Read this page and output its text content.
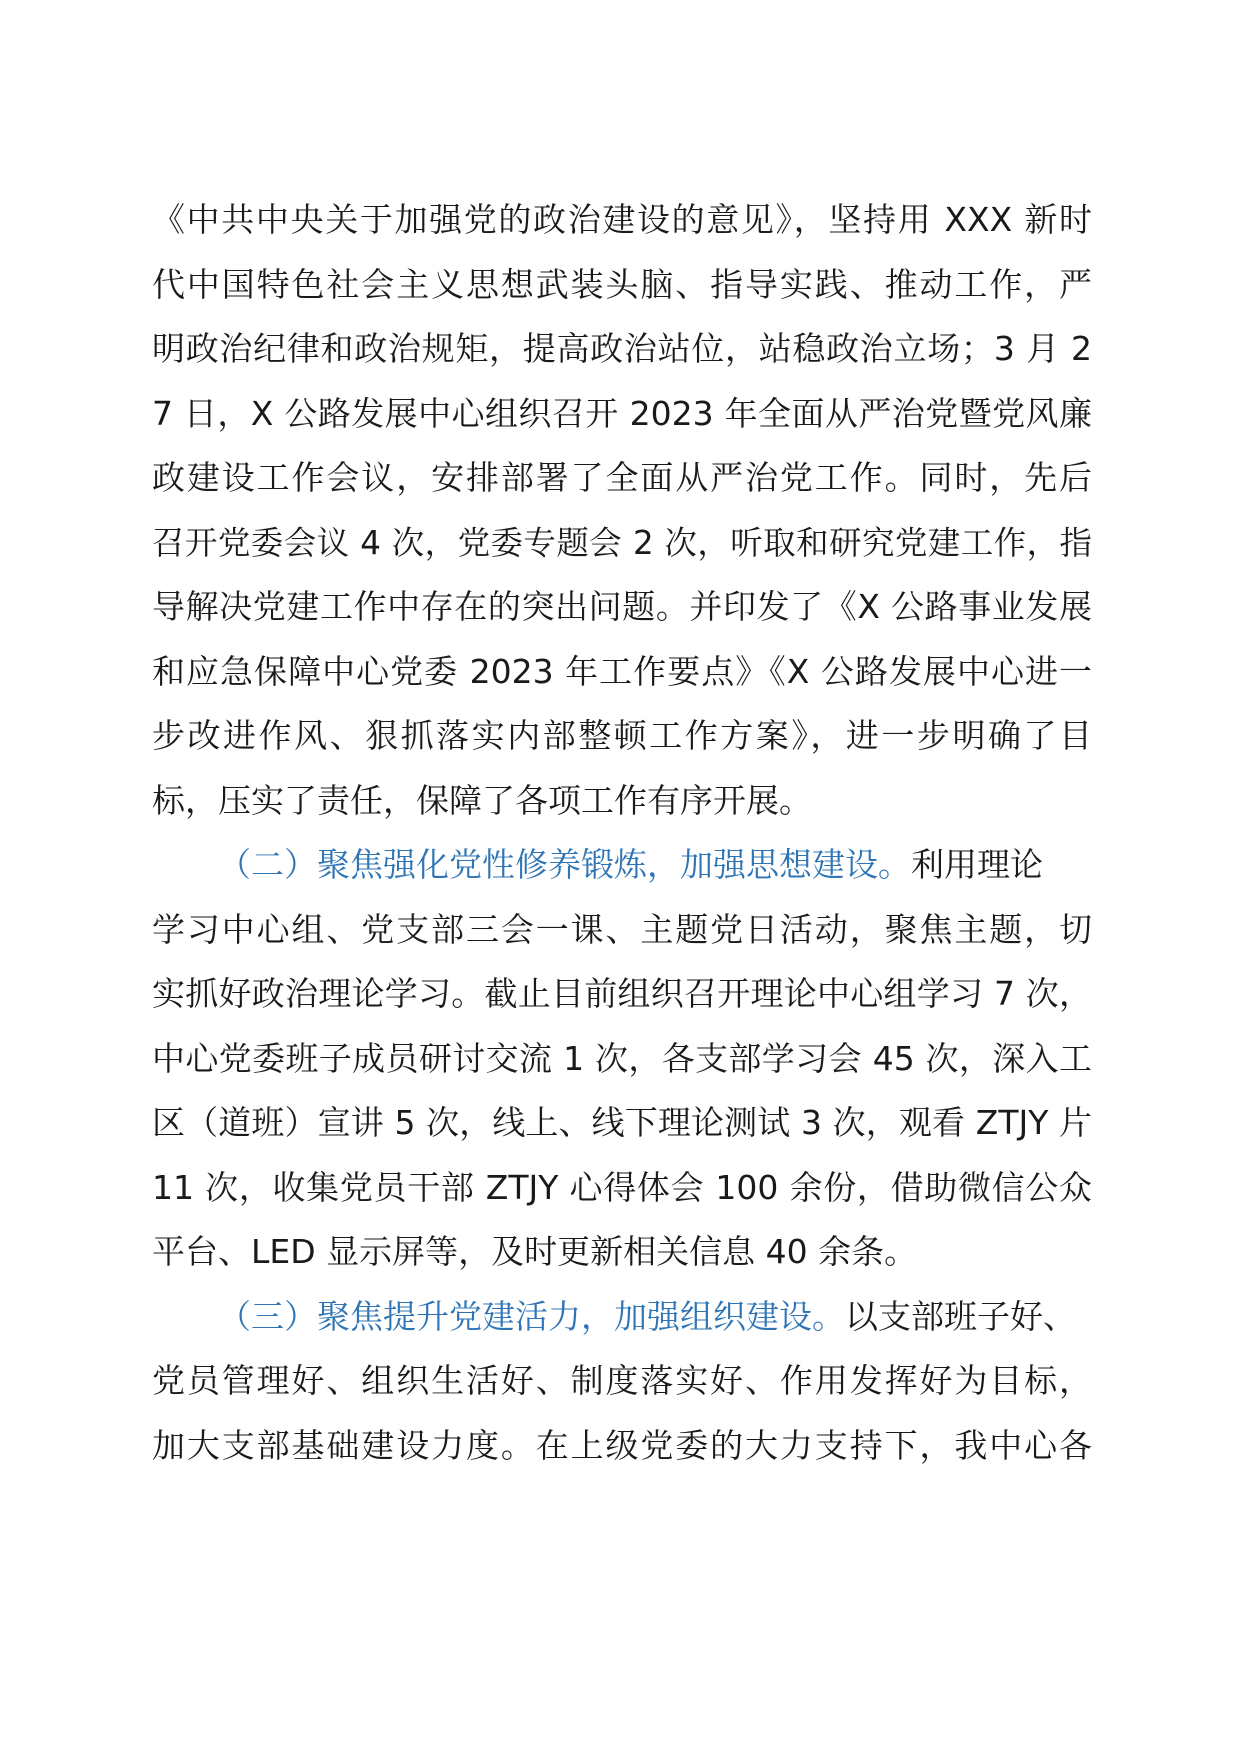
《中共中央关于加强党的政治建设的意见》，坚持用 XXX 新时
代中国特色社会主义思想武装头脑、指导实践、推动工作，严
明政治纪律和政治规矩，提高政治站位，站稳政治立场；3 月 2
7 日，X 公路发展中心组织召开 2023 年全面从严治党暨党风廉
政建设工作会议，安排部署了全面从严治党工作。同时，先后
召开党委会议 4 次，党委专题会 2 次，听取和研究党建工作，指
导解决党建工作中存在的突出问题。并印发了《X 公路事业发展
和应急保障中心党委 2023 年工作要点》《X 公路发展中心进一
步改进作风、狠抓落实内部整顿工作方案》，进一步明确了目
标，压实了责任，保障了各项工作有序开展。
（二）聚焦强化党性修养锻炼，加强思想建设。利用理论
学习中心组、党支部三会一课、主题党日活动，聚焦主题，切
实抓好政治理论学习。截止目前组织召开理论中心组学习 7 次，
中心党委班子成员研讨交流 1 次，各支部学习会 45 次，深入工
区（道班）宣讲 5 次，线上、线下理论测试 3 次，观看 ZTJY 片
11 次，收集党员干部 ZTJY 心得体会 100 余份，借助微信公众
平台、LED 显示屏等，及时更新相关信息 40 余条。
（三）聚焦提升党建活力，加强组织建设。以支部班子好、
党员管理好、组织生活好、制度落实好、作用发挥好为目标，
加大支部基础建设力度。在上级党委的大力支持下，我中心各
